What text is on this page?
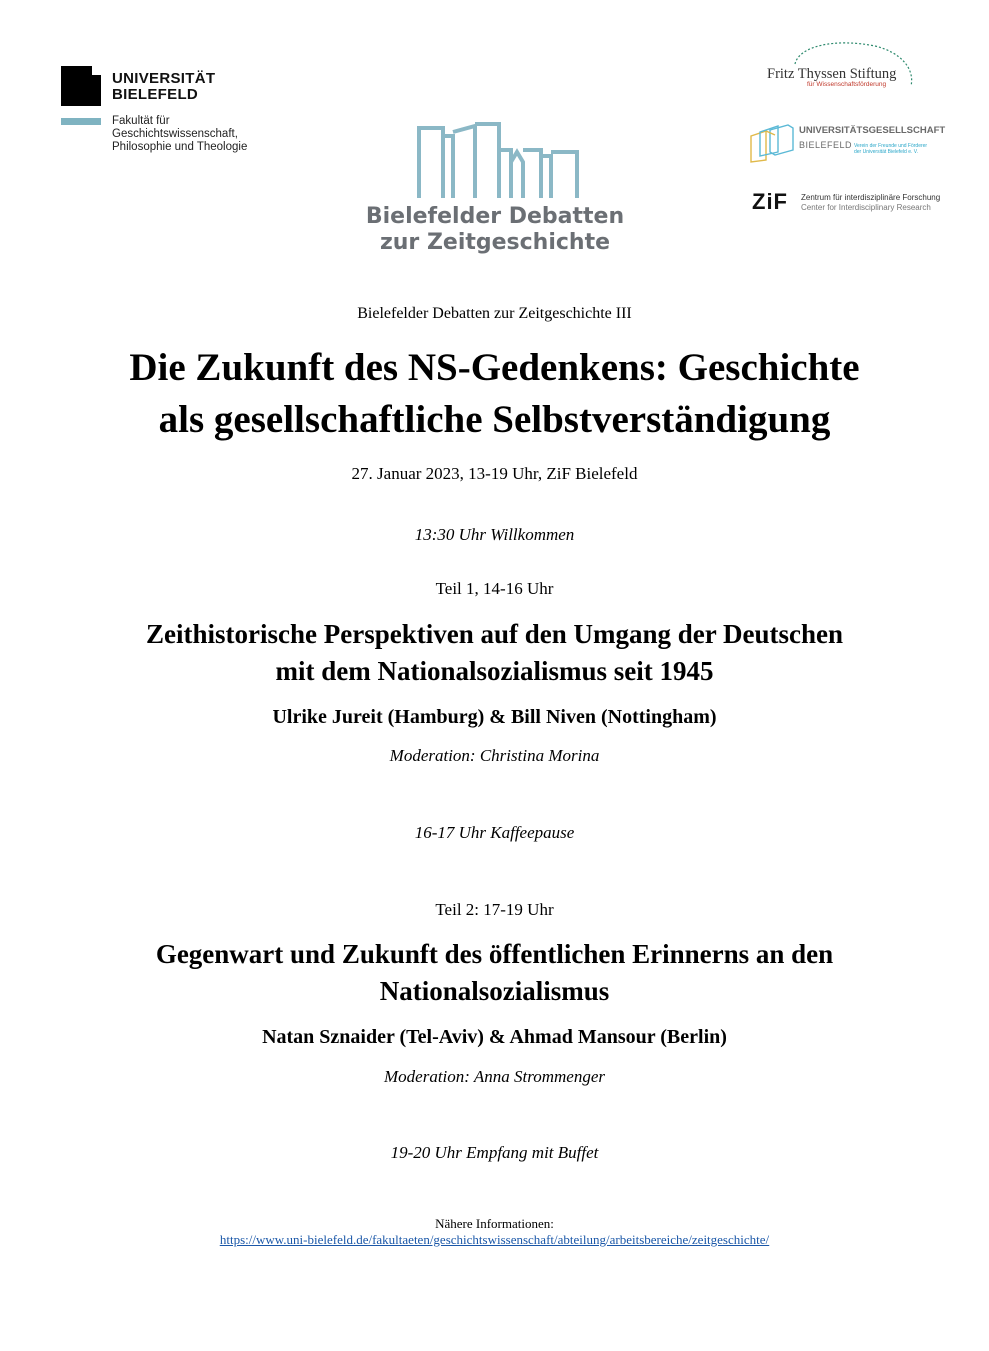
UNIVERSITÄT
BIELEFELD
Fakultät für
Geschichtswissenschaft,
Philosophie und Theologie
Bielefelder Debatten
zur Zeitgeschichte
Fritz Thyssen Stiftung
für Wissenschaftsförderung
UNIVERSITÄTSGESELLSCHAFT
BIELEFELD Verein der Freunde und Förderer
der Universität Bielefeld e. V.
ZiF Zentrum für interdisziplinäre Forschung
Center for Interdisciplinary Research
Bielefelder Debatten zur Zeitgeschichte III
Die Zukunft des NS-Gedenkens: Geschichte
als gesellschaftliche Selbstverständigung
27. Januar 2023, 13-19 Uhr, ZiF Bielefeld
13:30 Uhr Willkommen
Teil 1, 14-16 Uhr
Zeithistorische Perspektiven auf den Umgang der Deutschen
mit dem Nationalsozialismus seit 1945
Ulrike Jureit (Hamburg) & Bill Niven (Nottingham)
Moderation: Christina Morina
16-17 Uhr Kaffeepause
Teil 2: 17-19 Uhr
Gegenwart und Zukunft des öffentlichen Erinnerns an den
Nationalsozialismus
Natan Sznaider (Tel-Aviv) & Ahmad Mansour (Berlin)
Moderation: Anna Strommenger
19-20 Uhr Empfang mit Buffet
Nähere Informationen:
https://www.uni-bielefeld.de/fakultaeten/geschichtswissenschaft/abteilung/arbeitsbereiche/zeitgeschichte/
